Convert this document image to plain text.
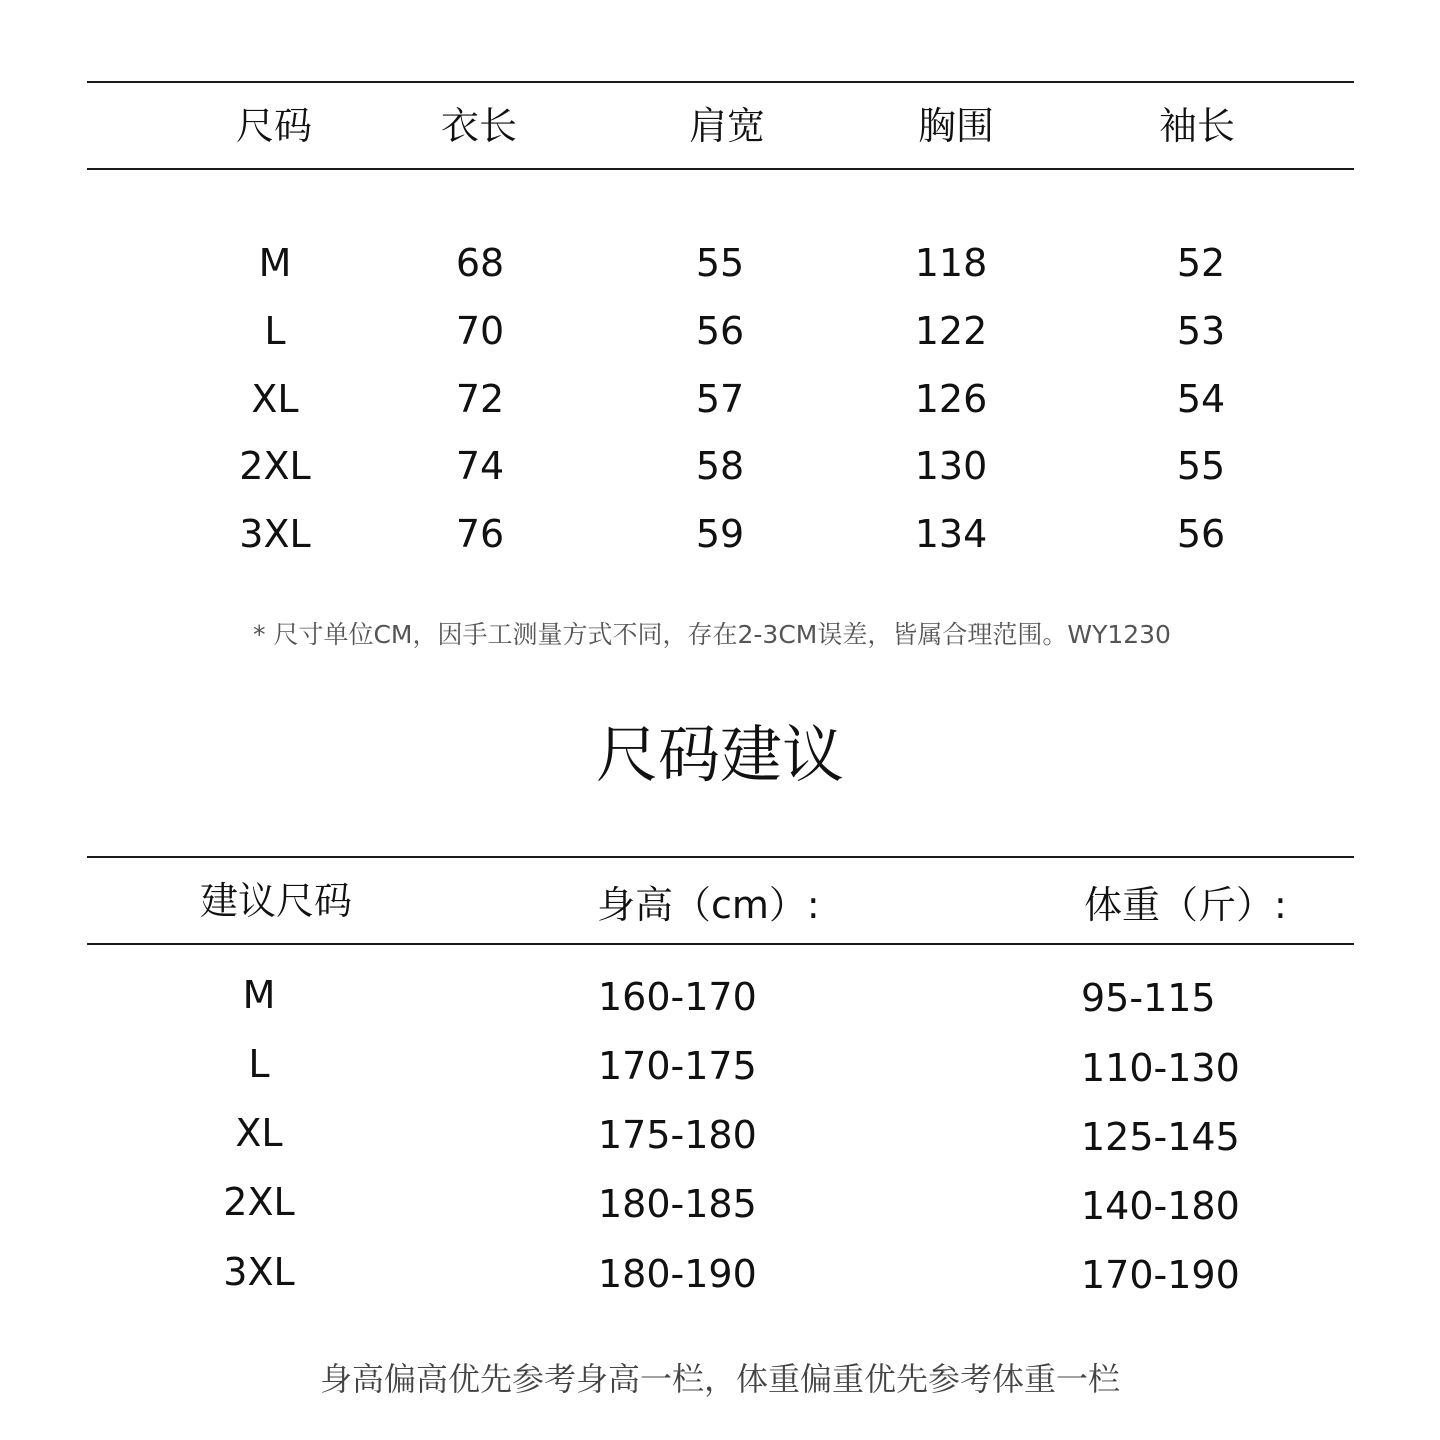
尺码	衣长	肩宽	胸围	袖长
M	68	55	118	52
L	70	56	122	53
XL	72	57	126	54
2XL	74	58	130	55
3XL	76	59	134	56
* 尺寸单位CM，因手工测量方式不同，存在2-3CM误差，皆属合理范围。WY1230
尺码建议
建议尺码	身高（cm）:	体重（斤）:
M	160-170	95-115
L	170-175	110-130
XL	175-180	125-145
2XL	180-185	140-180
3XL	180-190	170-190
身高偏高优先参考身高一栏，体重偏重优先参考体重一栏
